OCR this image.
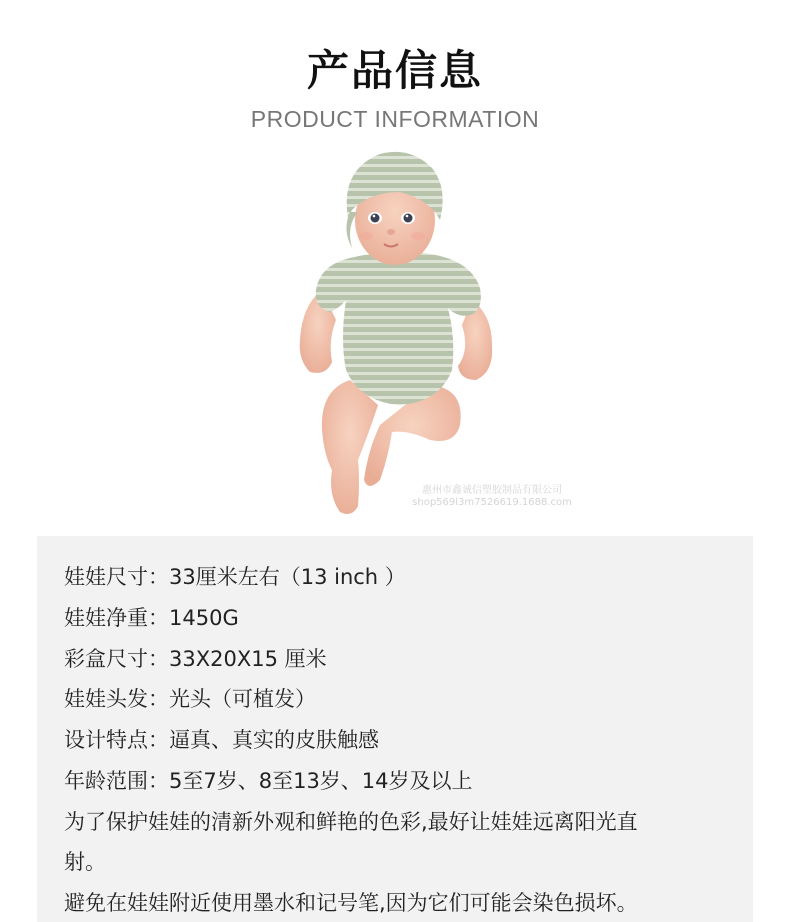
产品信息
PRODUCT INFORMATION
惠州市鑫诚信塑胶制品有限公司
shop569l3m7526619.1688.com
娃娃尺寸：33厘米左右（13 inch ）
娃娃净重：1450G
彩盒尺寸：33X20X15 厘米
娃娃头发：光头（可植发）
设计特点：逼真、真实的皮肤触感
年龄范围：5至7岁、8至13岁、14岁及以上
为了保护娃娃的清新外观和鲜艳的色彩,最好让娃娃远离阳光直
射。
避免在娃娃附近使用墨水和记号笔,因为它们可能会染色损坏。
